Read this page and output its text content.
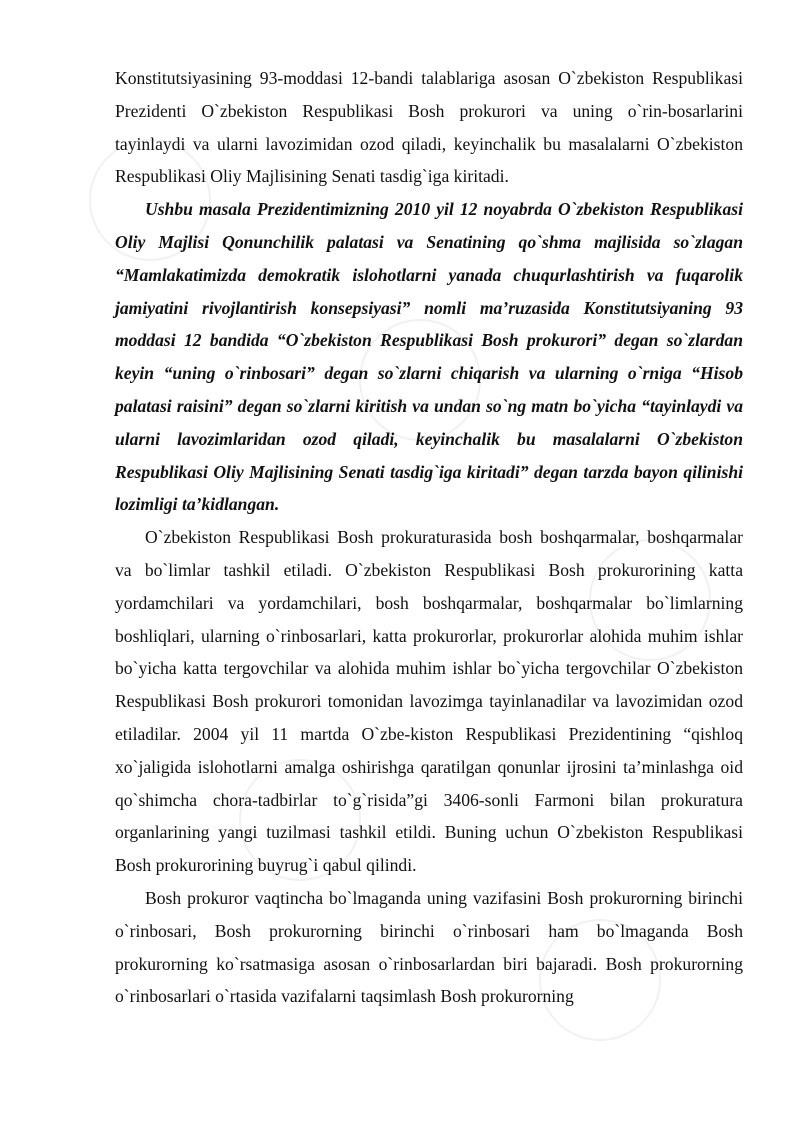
Konstitutsiyasining 93-moddasi 12-bandi talablariga asosan O`zbekiston Respublikasi Prezidenti O`zbekiston Respublikasi Bosh prokurori va uning o`rin-bosarlarini tayinlaydi va ularni lavozimidan ozod qiladi, keyinchalik bu masalalarni O`zbekiston Respublikasi Oliy Majlisining Senati tasdig`iga kiritadi.

Ushbu masala Prezidentimizning 2010 yil 12 noyabrda O`zbekiston Respublikasi Oliy Majlisi Qonunchilik palatasi va Senatining qo`shma majlisida so`zlagan “Mamlakatimizda demokratik islohotlarni yanada chuqurlashtirish va fuqarolik jamiyatini rivojlantirish konsepsiyasi” nomli ma’ruzasida Konstitutsiyaning 93 moddasi 12 bandida “O`zbekiston Respublikasi Bosh prokurori” degan so`zlardan keyin “uning o`rinbosari” degan so`zlarni chiqarish va ularning o`rniga “Hisob palatasi raisini” degan so`zlarni kiritish va undan so`ng matn bo`yicha “tayinlaydi va ularni lavozimlaridan ozod qiladi, keyinchalik bu masalalarni O`zbekiston Respublikasi Oliy Majlisining Senati tasdig`iga kiritadi” degan tarzda bayon qilinishi lozimligi ta’kidlangan.

O`zbekiston Respublikasi Bosh prokuraturasida bosh boshqarmalar, boshqarmalar va bo`limlar tashkil etiladi. O`zbekiston Respublikasi Bosh prokurorining katta yordamchilari va yordamchilari, bosh boshqarmalar, boshqarmalar bo`limlarning boshliqlari, ularning o`rinbosarlari, katta prokurorlar, prokurorlar alohida muhim ishlar bo`yicha katta tergovchilar va alohida muhim ishlar bo`yicha tergovchilar O`zbekiston Respublikasi Bosh prokurori tomonidan lavozimga tayinlanadilar va lavozimidan ozod etiladilar. 2004 yil 11 martda O`zbe-kiston Respublikasi Prezidentining “qishloq xo`jaligida islohotlarni amalga oshirishga qaratilgan qonunlar ijrosini ta’minlashga oid qo`shimcha chora-tadbirlar to`g`risida”gi 3406-sonli Farmoni bilan prokuratura organlarining yangi tuzilmasi tashkil etildi. Buning uchun O`zbekiston Respublikasi Bosh prokurorining buyrug`i qabul qilindi.

Bosh prokuror vaqtincha bo`lmaganda uning vazifasini Bosh prokurorning birinchi o`rinbosari, Bosh prokurorning birinchi o`rinbosari ham bo`lmaganda Bosh prokurorning ko`rsatmasiga asosan o`rinbosarlardan biri bajaradi. Bosh prokurorning o`rinbosarlari o`rtasida vazifalarni taqsimlash Bosh prokurorning
